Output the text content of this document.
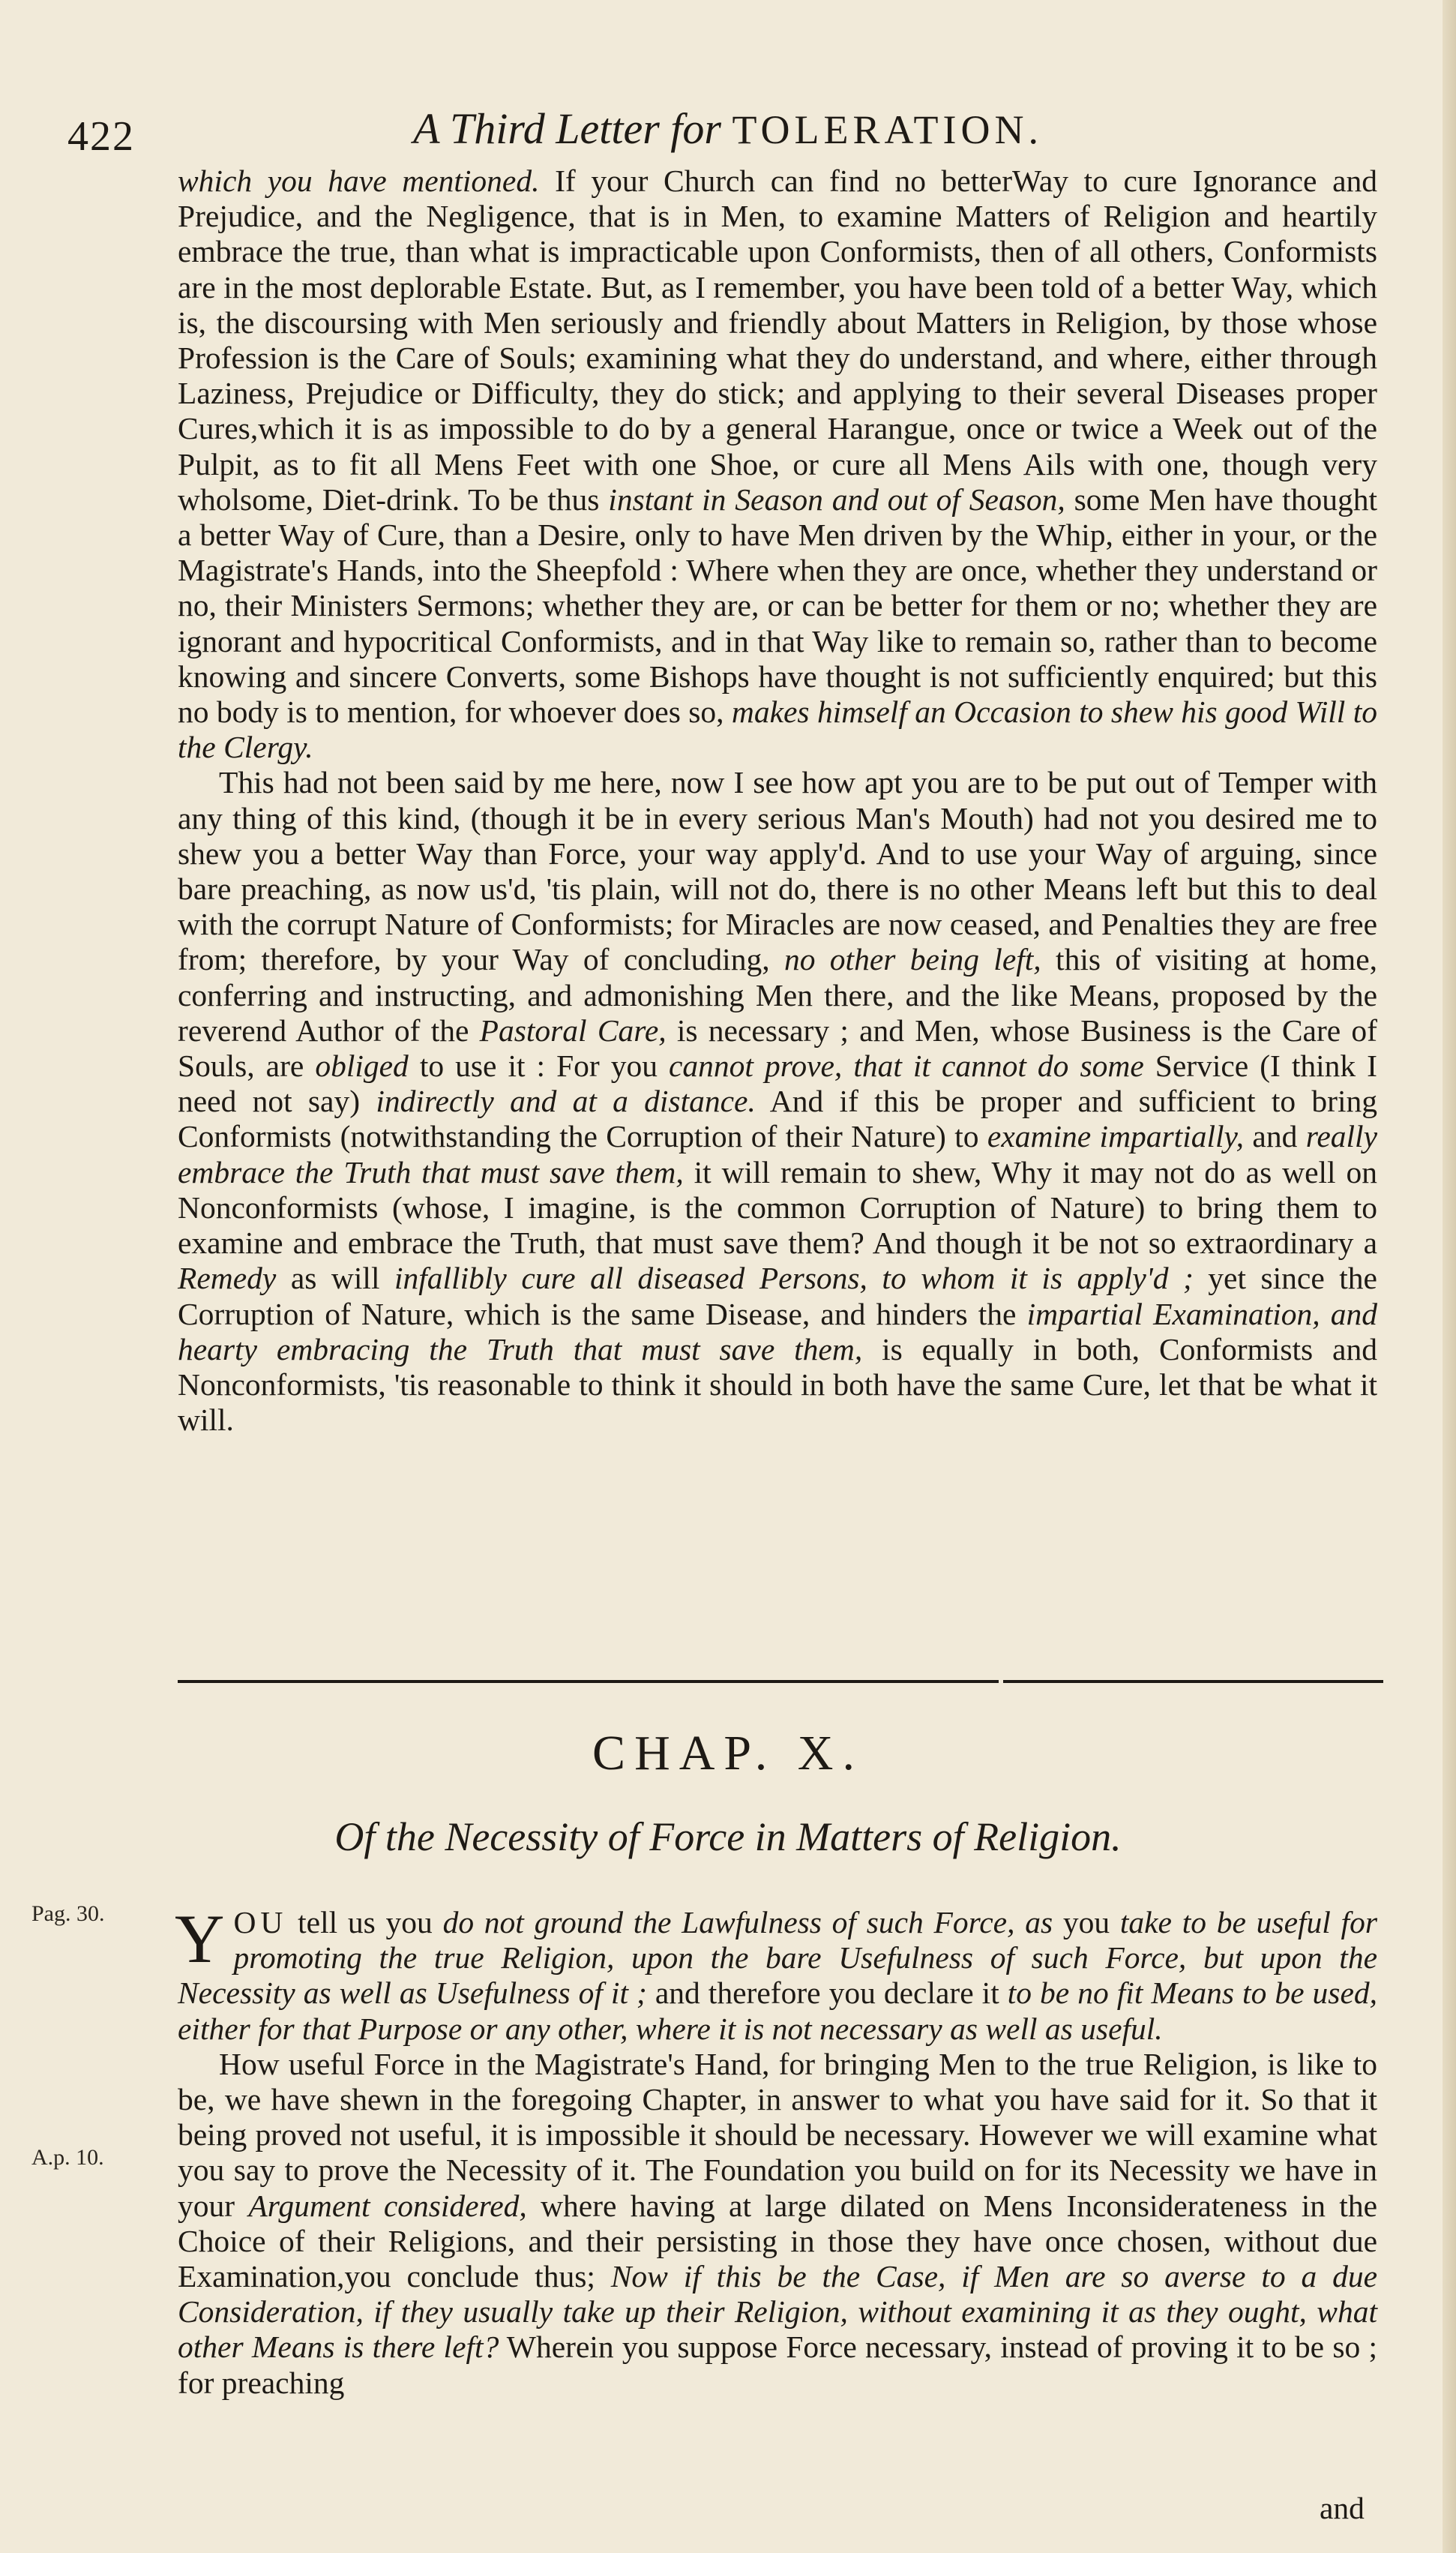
422	A Third Letter for TOLERATION.

which you have mentioned. If your Church can find no betterWay to cure Ignorance and Prejudice, and the Negligence, that is in Men, to examine Matters of Religion and heartily embrace the true, than what is impracticable upon Conformists, then of all others, Conformists are in the most deplorable Estate. But, as I remember, you have been told of a better Way, which is, the discoursing with Men seriously and friendly about Matters in Religion, by those whose Profession is the Care of Souls; examining what they do understand, and where, either through Laziness, Prejudice or Difficulty, they do stick; and applying to their several Diseases proper Cures,which it is as impossible to do by a general Harangue, once or twice a Week out of the Pulpit, as to fit all Mens Feet with one Shoe, or cure all Mens Ails with one, though very wholsome, Diet-drink. To be thus instant in Season and out of Season, some Men have thought a better Way of Cure, than a Desire, only to have Men driven by the Whip, either in your, or the Magistrate's Hands, into the Sheepfold : Where when they are once, whether they understand or no, their Ministers Sermons; whether they are, or can be better for them or no; whether they are ignorant and hypocritical Conformists, and in that Way like to remain so, rather than to become knowing and sincere Converts, some Bishops have thought is not sufficiently enquired; but this no body is to mention, for whoever does so, makes himself an Occasion to shew his good Will to the Clergy.

This had not been said by me here, now I see how apt you are to be put out of Temper with any thing of this kind, (though it be in every serious Man's Mouth) had not you desired me to shew you a better Way than Force, your way apply'd. And to use your Way of arguing, since bare preaching, as now us'd, 'tis plain, will not do, there is no other Means left but this to deal with the corrupt Nature of Conformists; for Miracles are now ceased, and Penalties they are free from; therefore, by your Way of concluding, no other being left, this of visiting at home, conferring and instructing, and admonishing Men there, and the like Means, proposed by the reverend Author of the Pastoral Care, is necessary ; and Men, whose Business is the Care of Souls, are obliged to use it : For you cannot prove, that it cannot do some Service (I think I need not say) indirectly and at a distance. And if this be proper and sufficient to bring Conformists (notwithstanding the Corruption of their Nature) to examine impartially, and really embrace the Truth that must save them, it will remain to shew, Why it may not do as well on Nonconformists (whose, I imagine, is the common Corruption of Nature) to bring them to examine and embrace the Truth, that must save them? And though it be not so extraordinary a Remedy as will infallibly cure all diseased Persons, to whom it is apply'd ; yet since the Corruption of Nature, which is the same Disease, and hinders the impartial Examination, and hearty embracing the Truth that must save them, is equally in both, Conformists and Nonconformists, 'tis reasonable to think it should in both have the same Cure, let that be what it will.

CHAP. X.
Of the Necessity of Force in Matters of Religion.
Pag. 30.
A.p. 10.

YOU tell us you do not ground the Lawfulness of such Force, as you take to be useful for promoting the true Religion, upon the bare Usefulness of such Force, but upon the Necessity as well as Usefulness of it ; and therefore you declare it to be no fit Means to be used, either for that Purpose or any other, where it is not necessary as well as useful.

How useful Force in the Magistrate's Hand, for bringing Men to the true Religion, is like to be, we have shewn in the foregoing Chapter, in answer to what you have said for it. So that it being proved not useful, it is impossible it should be necessary. However we will examine what you say to prove the Necessity of it. The Foundation you build on for its Necessity we have in your Argument considered, where having at large dilated on Mens Inconsiderateness in the Choice of their Religions, and their persisting in those they have once chosen, without due Examination,you conclude thus; Now if this be the Case, if Men are so averse to a due Consideration, if they usually take up their Religion, without examining it as they ought, what other Means is there left? Wherein you suppose Force necessary, instead of proving it to be so ; for preaching

and
